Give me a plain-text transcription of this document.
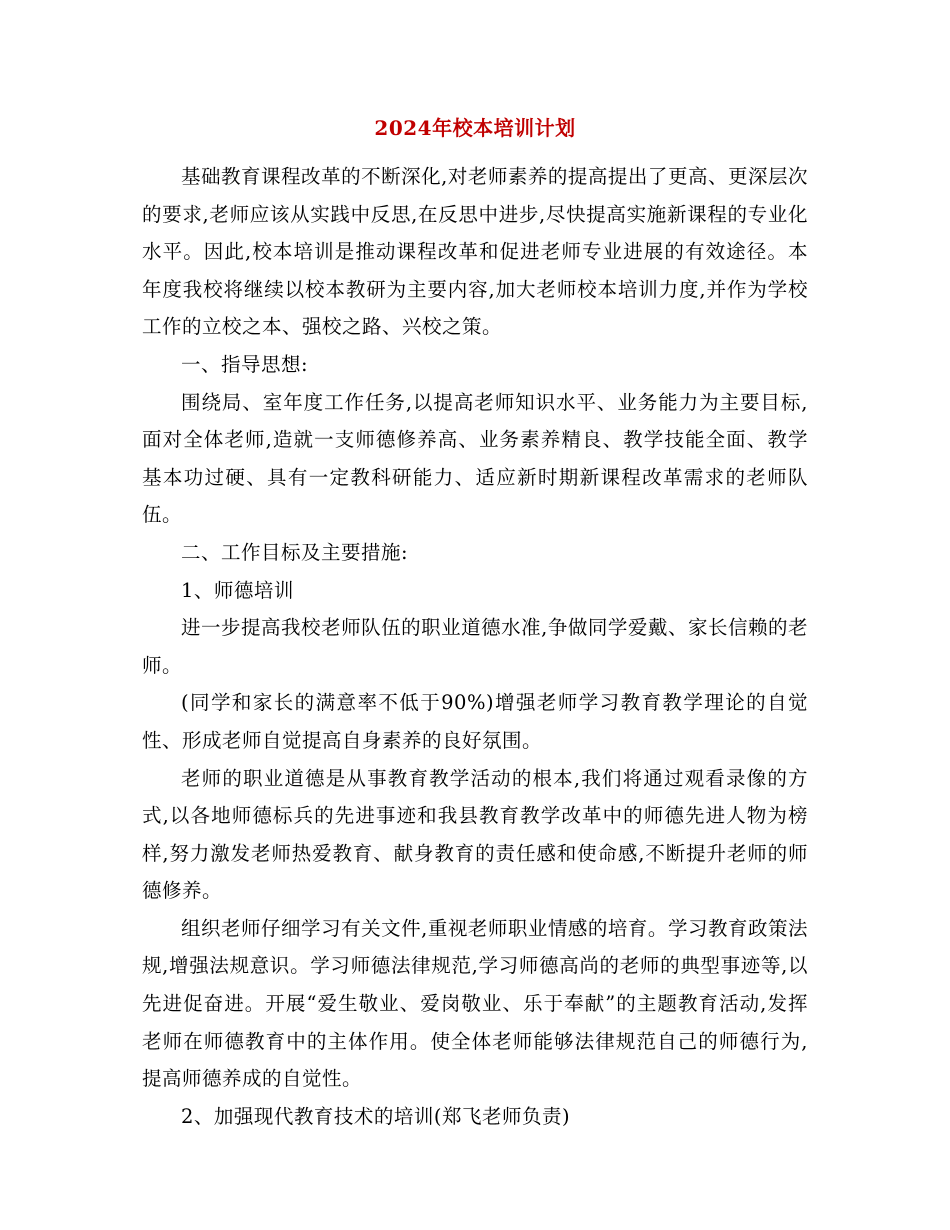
2024年校本培训计划

基础教育课程改革的不断深化,对老师素养的提高提出了更高、更深层次的要求,老师应该从实践中反思,在反思中进步,尽快提高实施新课程的专业化水平。因此,校本培训是推动课程改革和促进老师专业进展的有效途径。本年度我校将继续以校本教研为主要内容,加大老师校本培训力度,并作为学校工作的立校之本、强校之路、兴校之策。

一、指导思想:

围绕局、室年度工作任务,以提高老师知识水平、业务能力为主要目标,面对全体老师,造就一支师德修养高、业务素养精良、教学技能全面、教学基本功过硬、具有一定教科研能力、适应新时期新课程改革需求的老师队伍。

二、工作目标及主要措施:

1、师德培训

进一步提高我校老师队伍的职业道德水准,争做同学爱戴、家长信赖的老师。

(同学和家长的满意率不低于90%)增强老师学习教育教学理论的自觉性、形成老师自觉提高自身素养的良好氛围。

老师的职业道德是从事教育教学活动的根本,我们将通过观看录像的方式,以各地师德标兵的先进事迹和我县教育教学改革中的师德先进人物为榜样,努力激发老师热爱教育、献身教育的责任感和使命感,不断提升老师的师德修养。

组织老师仔细学习有关文件,重视老师职业情感的培育。学习教育政策法规,增强法规意识。学习师德法律规范,学习师德高尚的老师的典型事迹等,以先进促奋进。开展“爱生敬业、爱岗敬业、乐于奉献”的主题教育活动,发挥老师在师德教育中的主体作用。使全体老师能够法律规范自己的师德行为,提高师德养成的自觉性。

2、加强现代教育技术的培训(郑飞老师负责)
